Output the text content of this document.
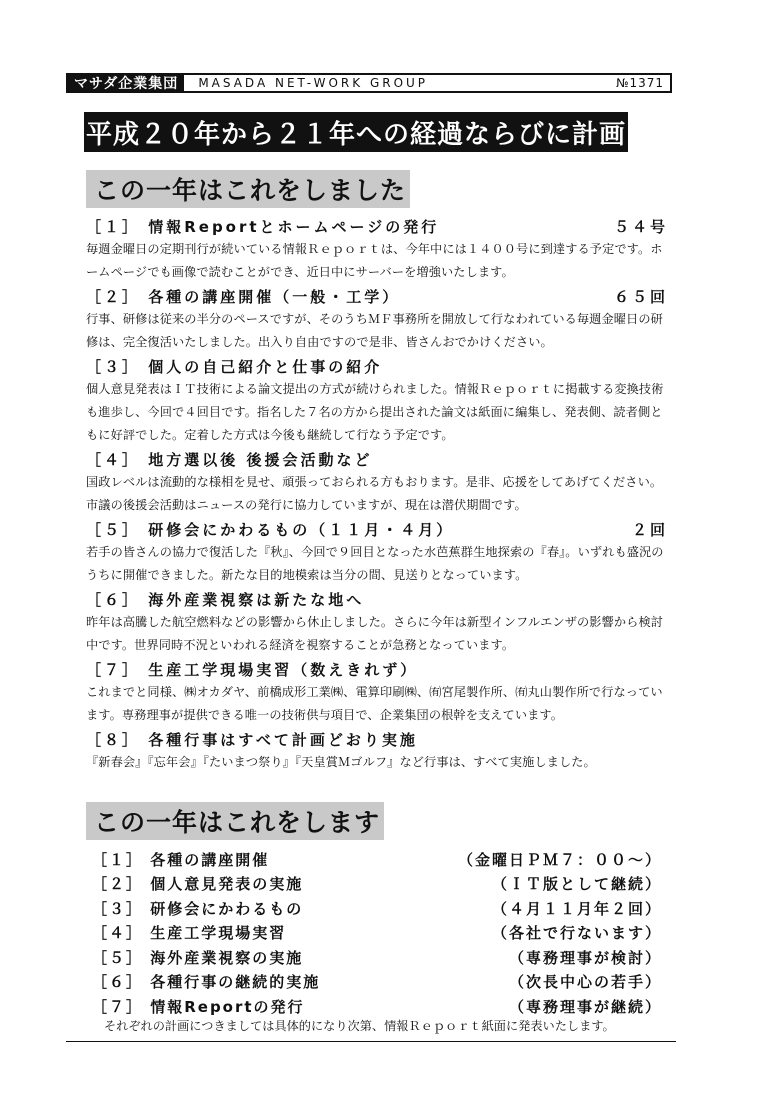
マサダ企業集団	MASADA NET-WORK GROUP	№1371
平成２０年から２１年への経過ならびに計画
この一年はこれをしました
［１］ 情報Reportとホームページの発行	５４号

毎週金曜日の定期刊行が続いている情報Ｒｅｐｏｒｔは、今年中には１４００号に到達する予定です。ホームページでも画像で読むことができ、近日中にサーバーを増強いたします。

［２］ 各種の講座開催（一般・工学）	６５回

行事、研修は従来の半分のペースですが、そのうちＭＦ事務所を開放して行なわれている毎週金曜日の研修は、完全復活いたしました。出入り自由ですので是非、皆さんおでかけください。

［３］ 個人の自己紹介と仕事の紹介

個人意見発表はＩＴ技術による論文提出の方式が続けられました。情報Ｒｅｐｏｒｔに掲載する変換技術も進歩し、今回で４回目です。指名した７名の方から提出された論文は紙面に編集し、発表側、読者側ともに好評でした。定着した方式は今後も継続して行なう予定です。

［４］ 地方選以後 後援会活動など

国政レベルは流動的な様相を見せ、頑張っておられる方もおります。是非、応援をしてあげてください。市議の後援会活動はニュースの発行に協力していますが、現在は潜伏期間です。

［５］ 研修会にかわるもの（１１月・４月）	２回

若手の皆さんの協力で復活した『秋』、今回で９回目となった水芭蕉群生地探索の『春』。いずれも盛況のうちに開催できました。新たな目的地模索は当分の間、見送りとなっています。

［６］ 海外産業視察は新たな地へ

昨年は高騰した航空燃料などの影響から休止しました。さらに今年は新型インフルエンザの影響から検討中です。世界同時不況といわれる経済を視察することが急務となっています。

［７］ 生産工学現場実習（数えきれず）

これまでと同様、㈱オカダヤ、前橋成形工業㈱、電算印刷㈱、㈲宮尾製作所、㈲丸山製作所で行なっています。専務理事が提供できる唯一の技術供与項目で、企業集団の根幹を支えています。

［８］ 各種行事はすべて計画どおり実施

『新春会』『忘年会』『たいまつ祭り』『天皇賞Ｍゴルフ』など行事は、すべて実施しました。

この一年はこれをします
［１］ 各種の講座開催	（金曜日ＰＭ７：００～）
［２］ 個人意見発表の実施	（ＩＴ版として継続）
［３］ 研修会にかわるもの	（４月１１月年２回）
［４］ 生産工学現場実習	（各社で行ないます）
［５］ 海外産業視察の実施	（専務理事が検討）
［６］ 各種行事の継続的実施	（次長中心の若手）
［７］ 情報Reportの発行	（専務理事が継続）
それぞれの計画につきましては具体的になり次第、情報Ｒｅｐｏｒｔ紙面に発表いたします。
